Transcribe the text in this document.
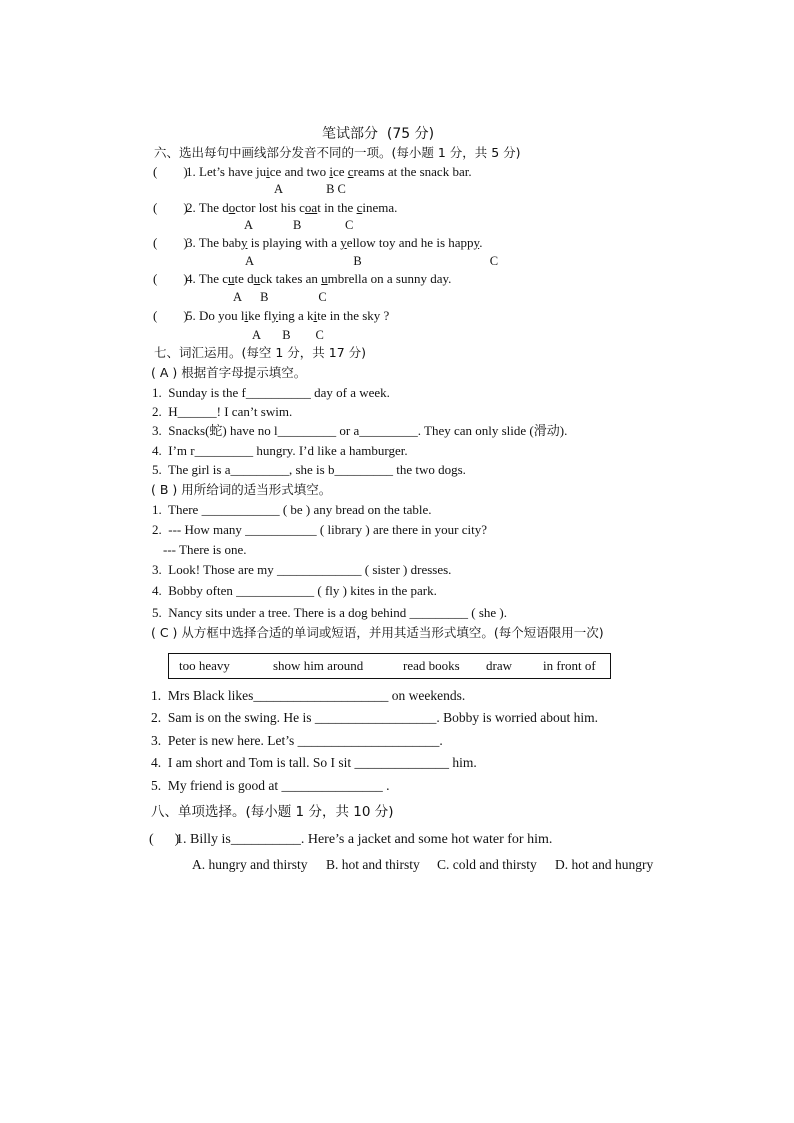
笔试部分  (75 分)
六、选出每句中画线部分发音不同的一项。(每小题 1 分，共 5 分)
(        )
1. Let’s have juice and two ice creams at the snack bar.
A              B C
(        )
2. The doctor lost his coat in the cinema.
A             B              C
(        )
3. The baby is playing with a yellow toy and he is happy.
A                                B                                         C
(        )
4. The cute duck takes an umbrella on a sunny day.
A      B                C
(        )
5. Do you like flying a kite in the sky ?
A       B        C
七、词汇运用。(每空 1 分，共 17 分)
( A ) 根据首字母提示填空。
1.  Sunday is the f__________ day of a week.
2.  H______! I can’t swim.
3.  Snacks(蛇) have no l_________ or a_________. They can only slide (滑动).
4.  I’m r_________ hungry. I’d like a hamburger.
5.  The girl is a_________, she is b_________ the two dogs.
( B ) 用所给词的适当形式填空。
1.  There ____________ ( be ) any bread on the table.
2.  --- How many ___________ ( library ) are there in your city?
--- There is one.
3.  Look! Those are my _____________ ( sister ) dresses.
4.  Bobby often ____________ ( fly ) kites in the park.
5.  Nancy sits under a tree. There is a dog behind _________ ( she ).
( C ) 从方框中选择合适的单词或短语，并用其适当形式填空。(每个短语限用一次)
too heavy	show him around	read books draw in front of
1.  Mrs Black likes____________________ on weekends.
2.  Sam is on the swing. He is __________________. Bobby is worried about him.
3.  Peter is new here. Let’s _____________________.
4.  I am short and Tom is tall. So I sit ______________ him.
5.  My friend is good at _______________ .
八、单项选择。(每小题 1 分，共 10 分)
(      )
1. Billy is__________. Here’s a jacket and some hot water for him.
A. hungry and thirsty B. hot and thirsty C. cold and thirsty D. hot and hungry
